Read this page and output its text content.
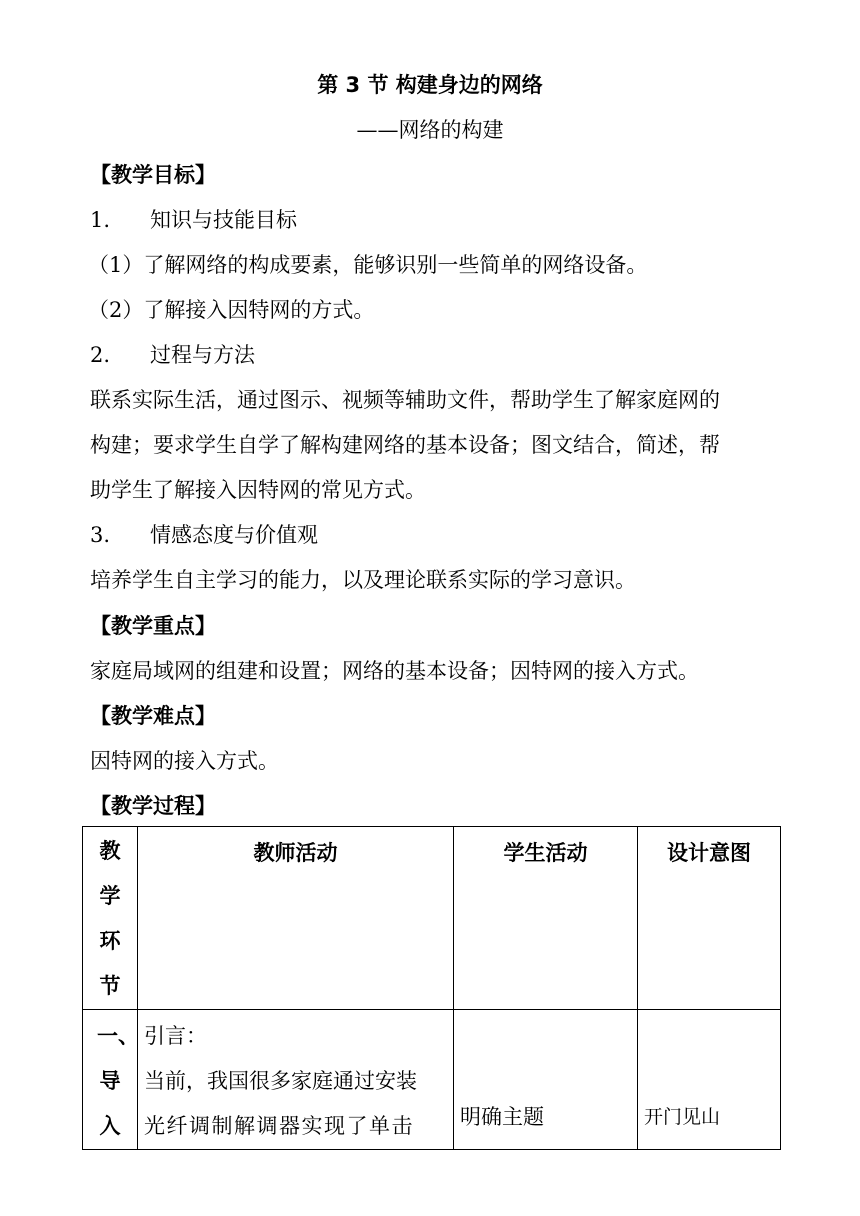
第 3 节 构建身边的网络
——网络的构建
【教学目标】
1. 知识与技能目标
（1）了解网络的构成要素，能够识别一些简单的网络设备。
（2）了解接入因特网的方式。
2. 过程与方法
联系实际生活，通过图示、视频等辅助文件，帮助学生了解家庭网的
构建；要求学生自学了解构建网络的基本设备；图文结合，简述，帮
助学生了解接入因特网的常见方式。
3. 情感态度与价值观
培养学生自主学习的能力，以及理论联系实际的学习意识。
【教学重点】
家庭局域网的组建和设置；网络的基本设备；因特网的接入方式。
【教学难点】
因特网的接入方式。
【教学过程】
教学环节	教师活动	学生活动	设计意图

一、导入	引言：
当前，我国很多家庭通过安装
光纤调制解调器实现了单击	明确主题	开门见山
